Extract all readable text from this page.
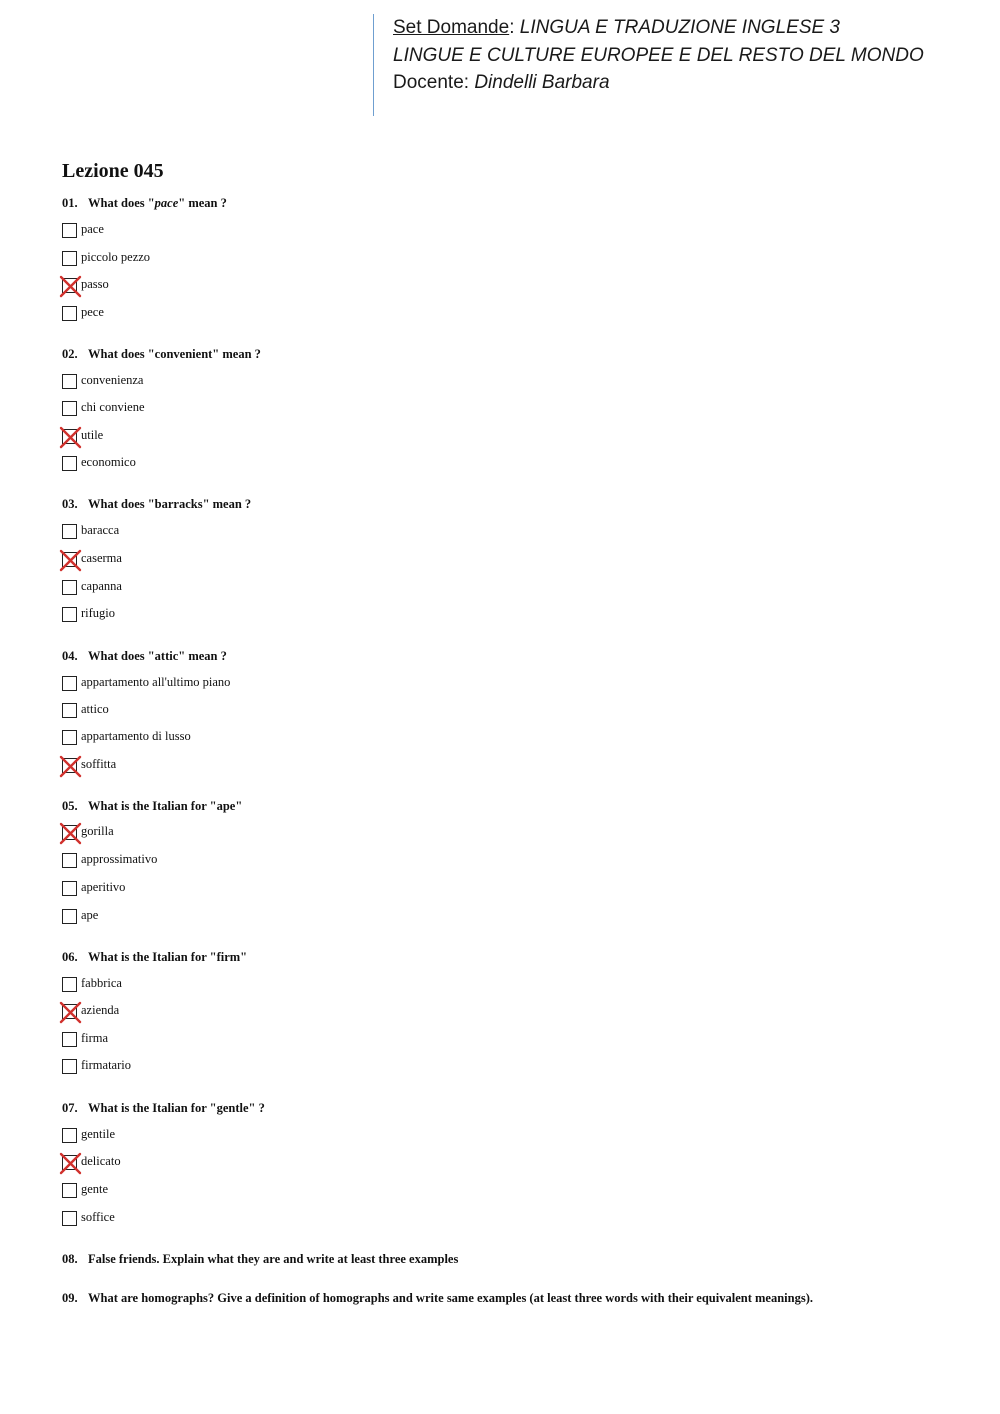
Set Domande: LINGUA E TRADUZIONE INGLESE 3
LINGUE E CULTURE EUROPEE E DEL RESTO DEL MONDO
Docente: Dindelli Barbara
Lezione 045
01. What does "pace" mean ?
pace
piccolo pezzo
passo
pece
02. What does "convenient" mean ?
convenienza
chi conviene
utile
economico
03. What does "barracks" mean ?
baracca
caserma
capanna
rifugio
04. What does "attic" mean ?
appartamento all'ultimo piano
attico
appartamento di lusso
soffitta
05. What is the Italian for "ape"
gorilla
approssimativo
aperitivo
ape
06. What is the Italian for "firm"
fabbrica
azienda
firma
firmatario
07. What is the Italian for "gentle" ?
gentile
delicato
gente
soffice
08. False friends. Explain what they are and write at least three examples
09. What are homographs? Give a definition of homographs and write same examples (at least three words with their equivalent meanings).
